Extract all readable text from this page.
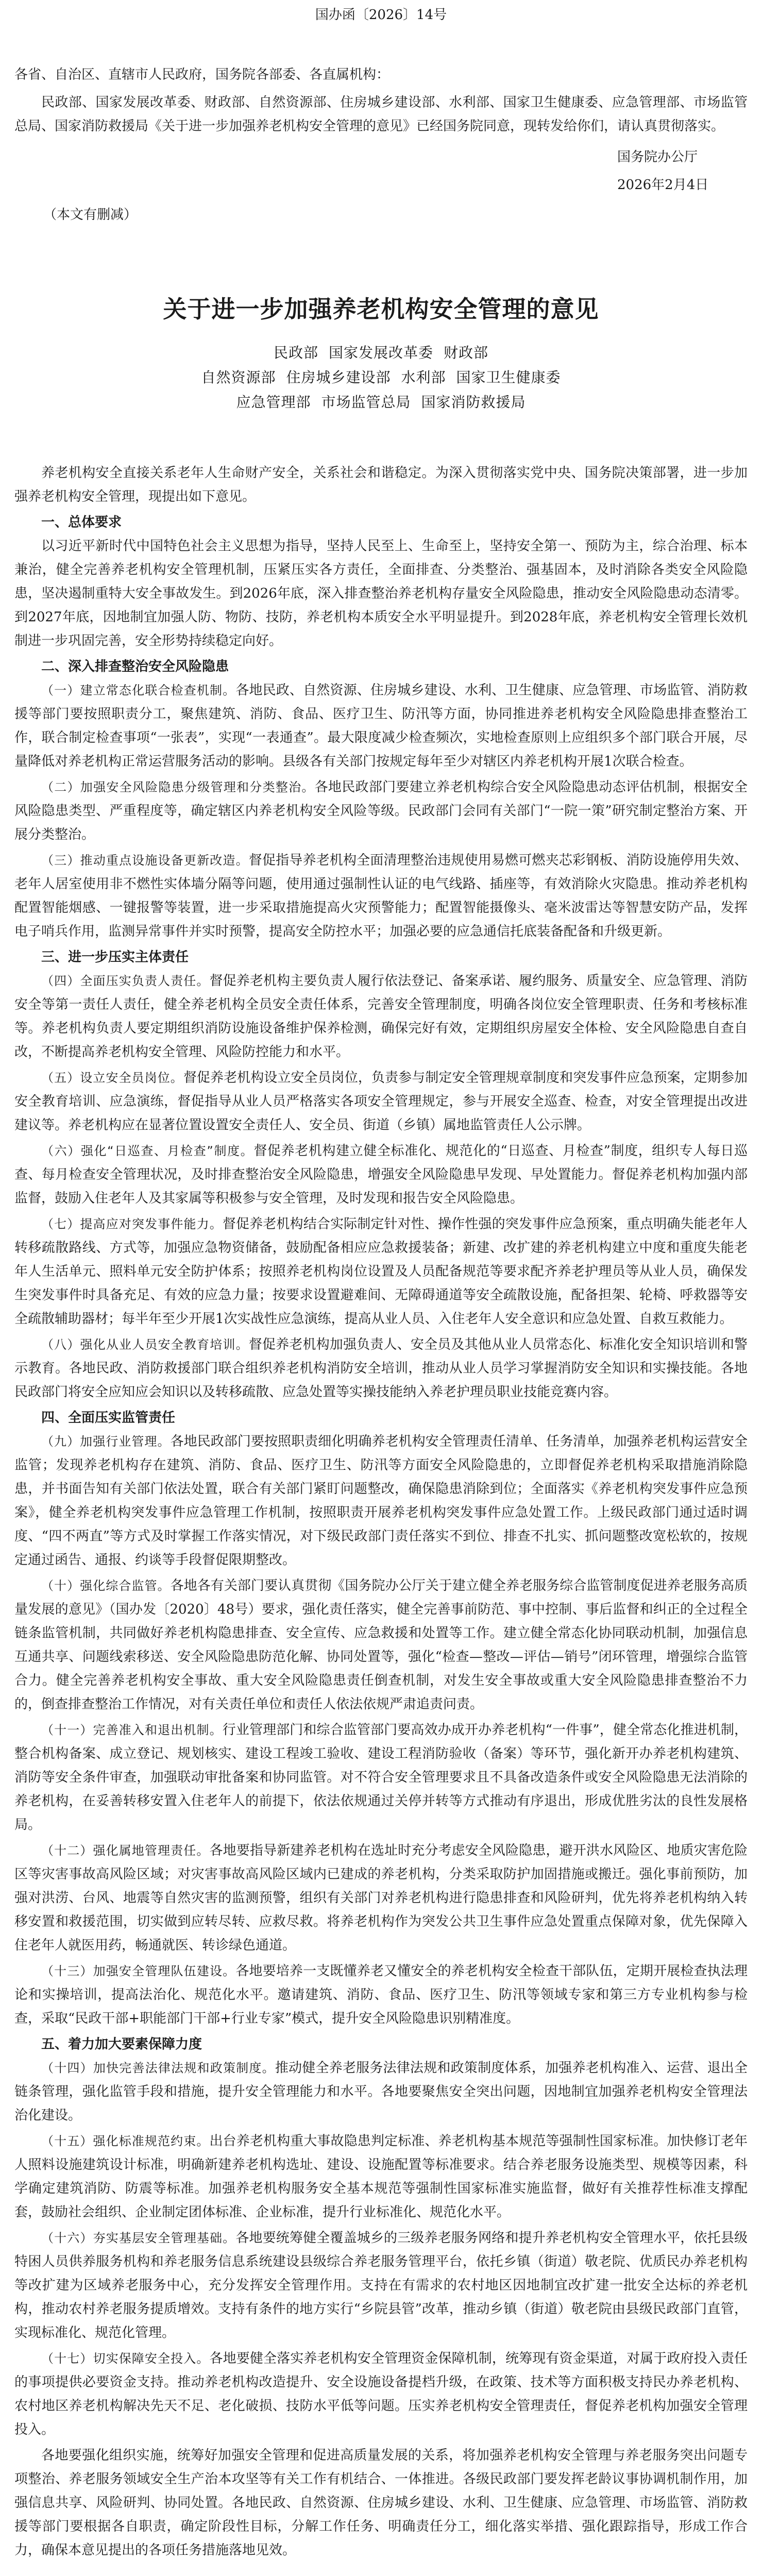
国办函〔2026〕14号

各省、自治区、直辖市人民政府，国务院各部委、各直属机构：

民政部、国家发展改革委、财政部、自然资源部、住房城乡建设部、水利部、国家卫生健康委、应急管理部、市场监管总局、国家消防救援局《关于进一步加强养老机构安全管理的意见》已经国务院同意，现转发给你们，请认真贯彻落实。

国务院办公厅
2026年2月4日
（本文有删减）
关于进一步加强养老机构安全管理的意见
民政部 国家发展改革委 财政部
自然资源部 住房城乡建设部 水利部 国家卫生健康委
应急管理部 市场监管总局 国家消防救援局

养老机构安全直接关系老年人生命财产安全，关系社会和谐稳定。为深入贯彻落实党中央、国务院决策部署，进一步加强养老机构安全管理，现提出如下意见。

一、总体要求

以习近平新时代中国特色社会主义思想为指导，坚持人民至上、生命至上，坚持安全第一、预防为主，综合治理、标本兼治，健全完善养老机构安全管理机制，压紧压实各方责任，全面排查、分类整治、强基固本，及时消除各类安全风险隐患，坚决遏制重特大安全事故发生。到2026年底，深入排查整治养老机构存量安全风险隐患，推动安全风险隐患动态清零。到2027年底，因地制宜加强人防、物防、技防，养老机构本质安全水平明显提升。到2028年底，养老机构安全管理长效机制进一步巩固完善，安全形势持续稳定向好。

二、深入排查整治安全风险隐患

（一）建立常态化联合检查机制。各地民政、自然资源、住房城乡建设、水利、卫生健康、应急管理、市场监管、消防救援等部门要按照职责分工，聚焦建筑、消防、食品、医疗卫生、防汛等方面，协同推进养老机构安全风险隐患排查整治工作，联合制定检查事项“一张表”，实现“一表通查”。最大限度减少检查频次，实地检查原则上应组织多个部门联合开展，尽量降低对养老机构正常运营服务活动的影响。县级各有关部门按规定每年至少对辖区内养老机构开展1次联合检查。

（二）加强安全风险隐患分级管理和分类整治。各地民政部门要建立养老机构综合安全风险隐患动态评估机制，根据安全风险隐患类型、严重程度等，确定辖区内养老机构安全风险等级。民政部门会同有关部门“一院一策”研究制定整治方案、开展分类整治。

（三）推动重点设施设备更新改造。督促指导养老机构全面清理整治违规使用易燃可燃夹芯彩钢板、消防设施停用失效、老年人居室使用非不燃性实体墙分隔等问题，使用通过强制性认证的电气线路、插座等，有效消除火灾隐患。推动养老机构配置智能烟感、一键报警等装置，进一步采取措施提高火灾预警能力；配置智能摄像头、毫米波雷达等智慧安防产品，发挥电子哨兵作用，监测异常事件并实时预警，提高安全防控水平；加强必要的应急通信托底装备配备和升级更新。

三、进一步压实主体责任

（四）全面压实负责人责任。督促养老机构主要负责人履行依法登记、备案承诺、履约服务、质量安全、应急管理、消防安全等第一责任人责任，健全养老机构全员安全责任体系，完善安全管理制度，明确各岗位安全管理职责、任务和考核标准等。养老机构负责人要定期组织消防设施设备维护保养检测，确保完好有效，定期组织房屋安全体检、安全风险隐患自查自改，不断提高养老机构安全管理、风险防控能力和水平。

（五）设立安全员岗位。督促养老机构设立安全员岗位，负责参与制定安全管理规章制度和突发事件应急预案，定期参加安全教育培训、应急演练，督促指导从业人员严格落实各项安全管理规定，参与开展安全巡查、检查，对安全管理提出改进建议等。养老机构应在显著位置设置安全责任人、安全员、街道（乡镇）属地监管责任人公示牌。

（六）强化“日巡查、月检查”制度。督促养老机构建立健全标准化、规范化的“日巡查、月检查”制度，组织专人每日巡查、每月检查安全管理状况，及时排查整治安全风险隐患，增强安全风险隐患早发现、早处置能力。督促养老机构加强内部监督，鼓励入住老年人及其家属等积极参与安全管理，及时发现和报告安全风险隐患。

（七）提高应对突发事件能力。督促养老机构结合实际制定针对性、操作性强的突发事件应急预案，重点明确失能老年人转移疏散路线、方式等，加强应急物资储备，鼓励配备相应应急救援装备；新建、改扩建的养老机构建立中度和重度失能老年人生活单元、照料单元安全防护体系；按照养老机构岗位设置及人员配备规范等要求配齐养老护理员等从业人员，确保发生突发事件时具备充足、有效的应急力量；按要求设置避难间、无障碍通道等安全疏散设施，配备担架、轮椅、呼救器等安全疏散辅助器材；每半年至少开展1次实战性应急演练，提高从业人员、入住老年人安全意识和应急处置、自救互救能力。

（八）强化从业人员安全教育培训。督促养老机构加强负责人、安全员及其他从业人员常态化、标准化安全知识培训和警示教育。各地民政、消防救援部门联合组织养老机构消防安全培训，推动从业人员学习掌握消防安全知识和实操技能。各地民政部门将安全应知应会知识以及转移疏散、应急处置等实操技能纳入养老护理员职业技能竞赛内容。

四、全面压实监管责任

（九）加强行业管理。各地民政部门要按照职责细化明确养老机构安全管理责任清单、任务清单，加强养老机构运营安全监管；发现养老机构存在建筑、消防、食品、医疗卫生、防汛等方面安全风险隐患的，立即督促养老机构采取措施消除隐患，并书面告知有关部门依法处置，联合有关部门紧盯问题整改，确保隐患消除到位；全面落实《养老机构突发事件应急预案》，健全养老机构突发事件应急管理工作机制，按照职责开展养老机构突发事件应急处置工作。上级民政部门通过适时调度、“四不两直”等方式及时掌握工作落实情况，对下级民政部门责任落实不到位、排查不扎实、抓问题整改宽松软的，按规定通过函告、通报、约谈等手段督促限期整改。

（十）强化综合监管。各地各有关部门要认真贯彻《国务院办公厅关于建立健全养老服务综合监管制度促进养老服务高质量发展的意见》（国办发〔2020〕48号）要求，强化责任落实，健全完善事前防范、事中控制、事后监督和纠正的全过程全链条监管机制，共同做好养老机构隐患排查、安全宣传、应急救援和处置等工作。建立健全常态化协同联动机制，加强信息互通共享、问题线索移送、安全风险隐患防范化解、协同处置等，强化“检查—整改—评估—销号”闭环管理，增强综合监管合力。健全完善养老机构安全事故、重大安全风险隐患责任倒查机制，对发生安全事故或重大安全风险隐患排查整治不力的，倒查排查整治工作情况，对有关责任单位和责任人依法依规严肃追责问责。

（十一）完善准入和退出机制。行业管理部门和综合监管部门要高效办成开办养老机构“一件事”，健全常态化推进机制，整合机构备案、成立登记、规划核实、建设工程竣工验收、建设工程消防验收（备案）等环节，强化新开办养老机构建筑、消防等安全条件审查，加强联动审批备案和协同监管。对不符合安全管理要求且不具备改造条件或安全风险隐患无法消除的养老机构，在妥善转移安置入住老年人的前提下，依法依规通过关停并转等方式推动有序退出，形成优胜劣汰的良性发展格局。

（十二）强化属地管理责任。各地要指导新建养老机构在选址时充分考虑安全风险隐患，避开洪水风险区、地质灾害危险区等灾害事故高风险区域；对灾害事故高风险区域内已建成的养老机构，分类采取防护加固措施或搬迁。强化事前预防，加强对洪涝、台风、地震等自然灾害的监测预警，组织有关部门对养老机构进行隐患排查和风险研判，优先将养老机构纳入转移安置和救援范围，切实做到应转尽转、应救尽救。将养老机构作为突发公共卫生事件应急处置重点保障对象，优先保障入住老年人就医用药，畅通就医、转诊绿色通道。

（十三）加强安全管理队伍建设。各地要培养一支既懂养老又懂安全的养老机构安全检查干部队伍，定期开展检查执法理论和实操培训，提高法治化、规范化水平。邀请建筑、消防、食品、医疗卫生、防汛等领域专家和第三方专业机构参与检查，采取“民政干部+职能部门干部+行业专家”模式，提升安全风险隐患识别精准度。

五、着力加大要素保障力度

（十四）加快完善法律法规和政策制度。推动健全养老服务法律法规和政策制度体系，加强养老机构准入、运营、退出全链条管理，强化监管手段和措施，提升安全管理能力和水平。各地要聚焦安全突出问题，因地制宜加强养老机构安全管理法治化建设。

（十五）强化标准规范约束。出台养老机构重大事故隐患判定标准、养老机构基本规范等强制性国家标准。加快修订老年人照料设施建筑设计标准，明确新建养老机构选址、建设、设施配置等标准要求。结合养老服务设施类型、规模等因素，科学确定建筑消防、防震等标准。加强养老机构服务安全基本规范等强制性国家标准实施监督，做好有关推荐性标准支撑配套，鼓励社会组织、企业制定团体标准、企业标准，提升行业标准化、规范化水平。

（十六）夯实基层安全管理基础。各地要统筹健全覆盖城乡的三级养老服务网络和提升养老机构安全管理水平，依托县级特困人员供养服务机构和养老服务信息系统建设县级综合养老服务管理平台，依托乡镇（街道）敬老院、优质民办养老机构等改扩建为区域养老服务中心，充分发挥安全管理作用。支持在有需求的农村地区因地制宜改扩建一批安全达标的养老机构，推动农村养老服务提质增效。支持有条件的地方实行“乡院县管”改革，推动乡镇（街道）敬老院由县级民政部门直管，实现标准化、规范化管理。

（十七）切实保障安全投入。各地要健全落实养老机构安全管理资金保障机制，统筹现有资金渠道，对属于政府投入责任的事项提供必要资金支持。推动养老机构改造提升、安全设施设备提档升级，在政策、技术等方面积极支持民办养老机构、农村地区养老机构解决先天不足、老化破损、技防水平低等问题。压实养老机构安全管理责任，督促养老机构加强安全管理投入。

各地要强化组织实施，统筹好加强安全管理和促进高质量发展的关系，将加强养老机构安全管理与养老服务突出问题专项整治、养老服务领域安全生产治本攻坚等有关工作有机结合、一体推进。各级民政部门要发挥老龄议事协调机制作用，加强信息共享、风险研判、协同处置。各地民政、自然资源、住房城乡建设、水利、卫生健康、应急管理、市场监管、消防救援等部门要根据各自职责，确定阶段性目标，分解工作任务、明确责任分工，细化落实举措、强化跟踪指导，形成工作合力，确保本意见提出的各项任务措施落地见效。
